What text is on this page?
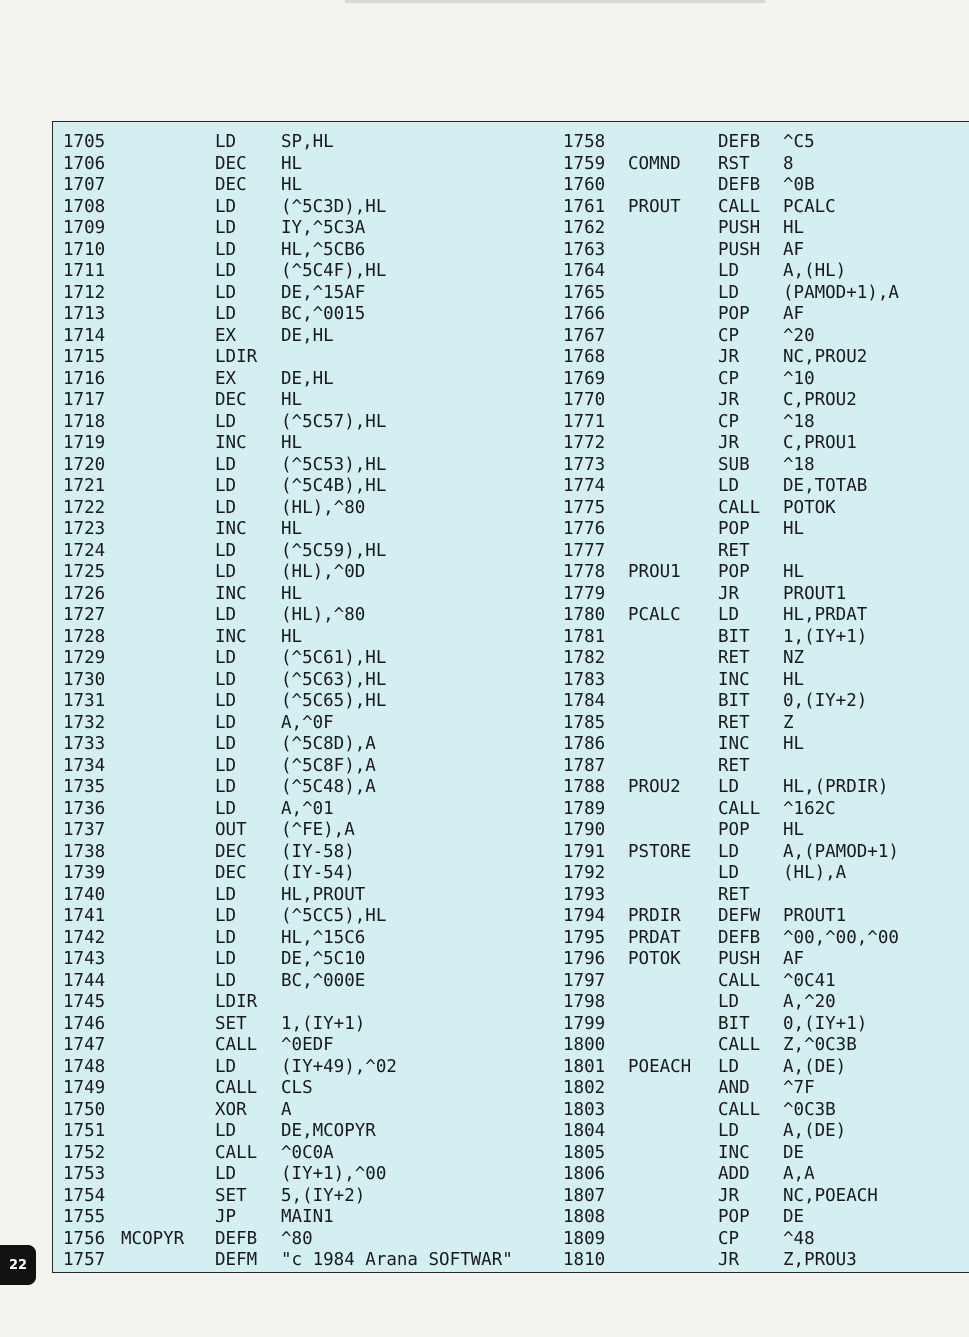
1705	LD	SP,HL
1706	DEC HL
1707	DEC HL
1708	LD	(^5C3D),HL
1709	LD	IY,^5C3A
1710	LD	HL,^5CB6
1711	LD	(^5C4F),HL
1712	LD	DE,^15AF
1713	LD	BC,^0015
1714	EX	DE,HL
1715	LDIR
1716	EX	DE,HL
1717	DEC HL
1718	LD	(^5C57),HL
1719	INC HL
1720	LD	(^5C53),HL
1721	LD	(^5C4B),HL
1722	LD	(HL),^80
1723	INC HL
1724	LD	(^5C59),HL
1725	LD	(HL),^0D
1726	INC HL
1727	LD	(HL),^80
1728	INC HL
1729	LD	(^5C61),HL
1730	LD	(^5C63),HL
1731	LD	(^5C65),HL
1732	LD	A,^0F
1733	LD	(^5C8D),A
1734	LD	(^5C8F),A
1735	LD	(^5C48),A
1736	LD	A,^01
1737	OUT (^FE),A
1738	DEC (IY-58)
1739	DEC (IY-54)
1740	LD	HL,PROUT
1741	LD	(^5CC5),HL
1742	LD	HL,^15C6
1743	LD	DE,^5C10
1744	LD	BC,^000E
1745	LDIR
1746	SET 1,(IY+1)
1747	CALL ^0EDF
1748	LD	(IY+49),^02
1749	CALL CLS
1750	XOR A
1751	LD	DE,MCOPYR
1752	CALL ^0C0A
1753	LD	(IY+1),^00
1754	SET 5,(IY+2)
1755	JP	MAIN1
1756 MCOPYR DEFB ^80
1757	DEFM "c 1984 Arana SOFTWAR"
1758	DEFB ^C5
1759 COMND RST 8
1760	DEFB ^0B
1761 PROUT CALL PCALC
1762	PUSH HL
1763	PUSH AF
1764	LD	A,(HL)
1765	LD	(PAMOD+1),A
1766	POP AF
1767	CP	^20
1768	JR	NC,PROU2
1769	CP	^10
1770	JR	C,PROU2
1771	CP	^18
1772	JR	C,PROU1
1773	SUB ^18
1774	LD	DE,TOTAB
1775	CALL POTOK
1776	POP HL
1777	RET
1778 PROU1 POP HL
1779	JR	PROUT1
1780 PCALC LD	HL,PRDAT
1781	BIT 1,(IY+1)
1782	RET NZ
1783	INC HL
1784	BIT 0,(IY+2)
1785	RET Z
1786	INC HL
1787	RET
1788 PROU2 LD	HL,(PRDIR)
1789	CALL ^162C
1790	POP HL
1791 PSTORE LD	A,(PAMOD+1)
1792	LD	(HL),A
1793	RET
1794 PRDIR DEFW PROUT1
1795 PRDAT DEFB ^00,^00,^00
1796 POTOK PUSH AF
1797	CALL ^0C41
1798	LD	A,^20
1799	BIT 0,(IY+1)
1800	CALL Z,^0C3B
1801 POEACH LD	A,(DE)
1802	AND ^7F
1803	CALL ^0C3B
1804	LD	A,(DE)
1805	INC DE
1806	ADD A,A
1807	JR	NC,POEACH
1808	POP DE
1809	CP	^48
1810	JR	Z,PROU3
22
